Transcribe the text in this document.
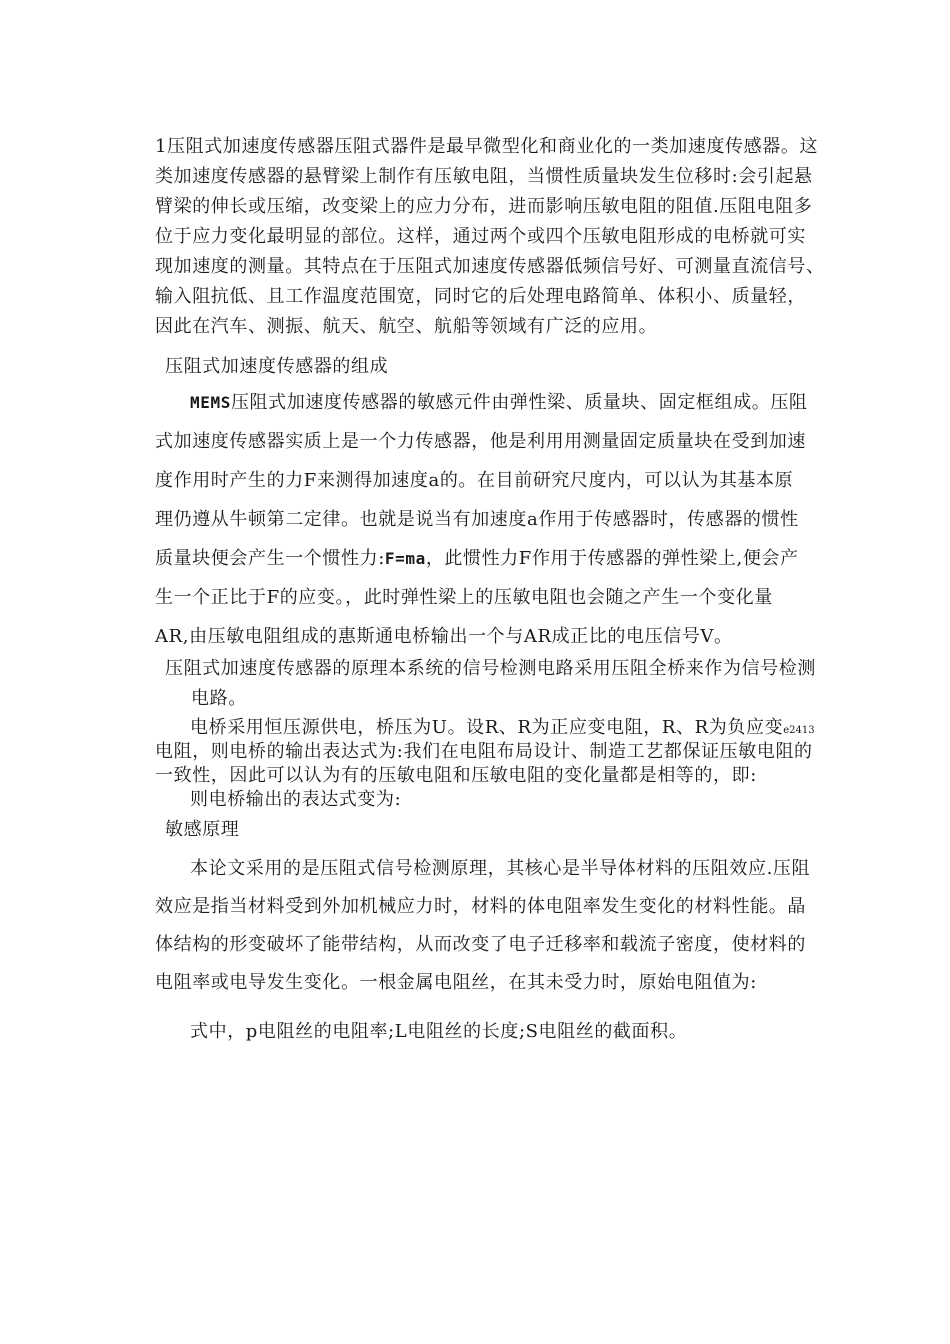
1压阻式加速度传感器压阻式器件是最早微型化和商业化的一类加速度传感器。这
类加速度传感器的悬臂梁上制作有压敏电阻，当惯性质量块发生位移时:会引起悬
臂梁的伸长或压缩，改变梁上的应力分布，进而影响压敏电阻的阻值.压阻电阻多
位于应力变化最明显的部位。这样，通过两个或四个压敏电阻形成的电桥就可实
现加速度的测量。其特点在于压阻式加速度传感器低频信号好、可测量直流信号、
输入阻抗低、且工作温度范围宽，同时它的后处理电路简单、体积小、质量轻，
因此在汽车、测振、航天、航空、航船等领域有广泛的应用。
压阻式加速度传感器的组成
MEMS压阻式加速度传感器的敏感元件由弹性梁、质量块、固定框组成。压阻
式加速度传感器实质上是一个力传感器，他是利用用测量固定质量块在受到加速
度作用时产生的力F来测得加速度a的。在目前研究尺度内，可以认为其基本原
理仍遵从牛顿第二定律。也就是说当有加速度a作用于传感器时，传感器的惯性
质量块便会产生一个惯性力:F=ma，此惯性力F作用于传感器的弹性梁上,便会产
生一个正比于F的应变。，此时弹性梁上的压敏电阻也会随之产生一个变化量
AR,由压敏电阻组成的惠斯通电桥输出一个与AR成正比的电压信号V。
压阻式加速度传感器的原理本系统的信号检测电路采用压阻全桥来作为信号检测
电路。
电桥采用恒压源供电，桥压为U。设R、R为正应变电阻，R、R为负应变e2413
电阻，则电桥的输出表达式为:我们在电阻布局设计、制造工艺都保证压敏电阻的
一致性，因此可以认为有的压敏电阻和压敏电阻的变化量都是相等的，即:
则电桥输出的表达式变为:
敏感原理
本论文采用的是压阻式信号检测原理，其核心是半导体材料的压阻效应.压阻
效应是指当材料受到外加机械应力时，材料的体电阻率发生变化的材料性能。晶
体结构的形变破坏了能带结构，从而改变了电子迁移率和载流子密度，使材料的
电阻率或电导发生变化。一根金属电阻丝，在其未受力时，原始电阻值为:
式中，p电阻丝的电阻率;L电阻丝的长度;S电阻丝的截面积。
